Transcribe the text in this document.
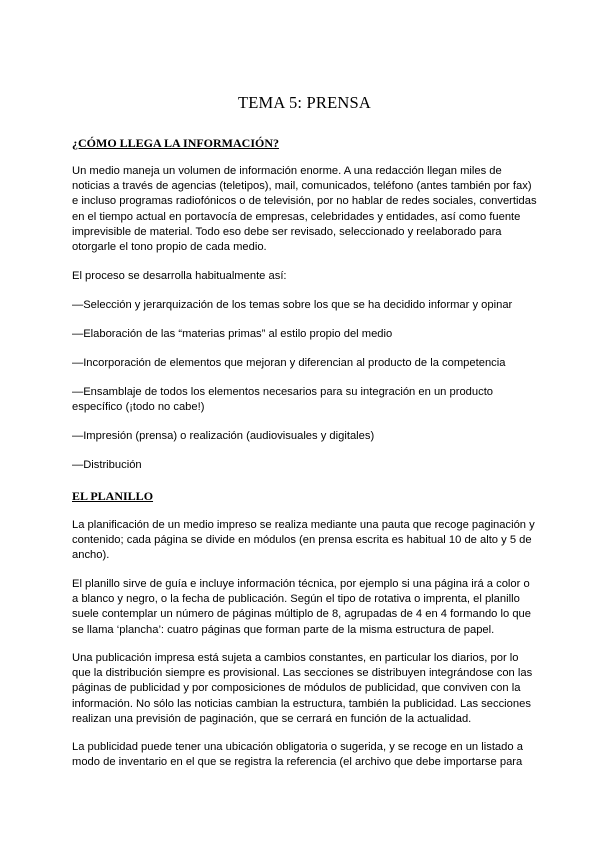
TEMA 5: PRENSA
¿CÓMO LLEGA LA INFORMACIÓN?

Un medio maneja un volumen de información enorme. A una redacción llegan miles de noticias a través de agencias (teletipos), mail, comunicados, teléfono (antes también por fax) e incluso programas radiofónicos o de televisión, por no hablar de redes sociales, convertidas en el tiempo actual en portavocía de empresas, celebridades y entidades, así como fuente imprevisible de material. Todo eso debe ser revisado, seleccionado y reelaborado para otorgarle el tono propio de cada medio.

El proceso se desarrolla habitualmente así:

—Selección y jerarquización de los temas sobre los que se ha decidido informar y opinar

—Elaboración de las “materias primas” al estilo propio del medio

—Incorporación de elementos que mejoran y diferencian al producto de la competencia

—Ensamblaje de todos los elementos necesarios para su integración en un producto específico (¡todo no cabe!)

—Impresión (prensa) o realización (audiovisuales y digitales)

—Distribución

EL PLANILLO

La planificación de un medio impreso se realiza mediante una pauta que recoge paginación y contenido; cada página se divide en módulos (en prensa escrita es habitual 10 de alto y 5 de ancho).

El planillo sirve de guía e incluye información técnica, por ejemplo si una página irá a color o a blanco y negro, o la fecha de publicación. Según el tipo de rotativa o imprenta, el planillo suele contemplar un número de páginas múltiplo de 8, agrupadas de 4 en 4 formando lo que se llama ‘plancha’: cuatro páginas que forman parte de la misma estructura de papel.

Una publicación impresa está sujeta a cambios constantes, en particular los diarios, por lo que la distribución siempre es provisional. Las secciones se distribuyen integrándose con las páginas de publicidad y por composiciones de módulos de publicidad, que conviven con la información. No sólo las noticias cambian la estructura, también la publicidad. Las secciones realizan una previsión de paginación, que se cerrará en función de la actualidad.

La publicidad puede tener una ubicación obligatoria o sugerida, y se recoge en un listado a modo de inventario en el que se registra la referencia (el archivo que debe importarse para
